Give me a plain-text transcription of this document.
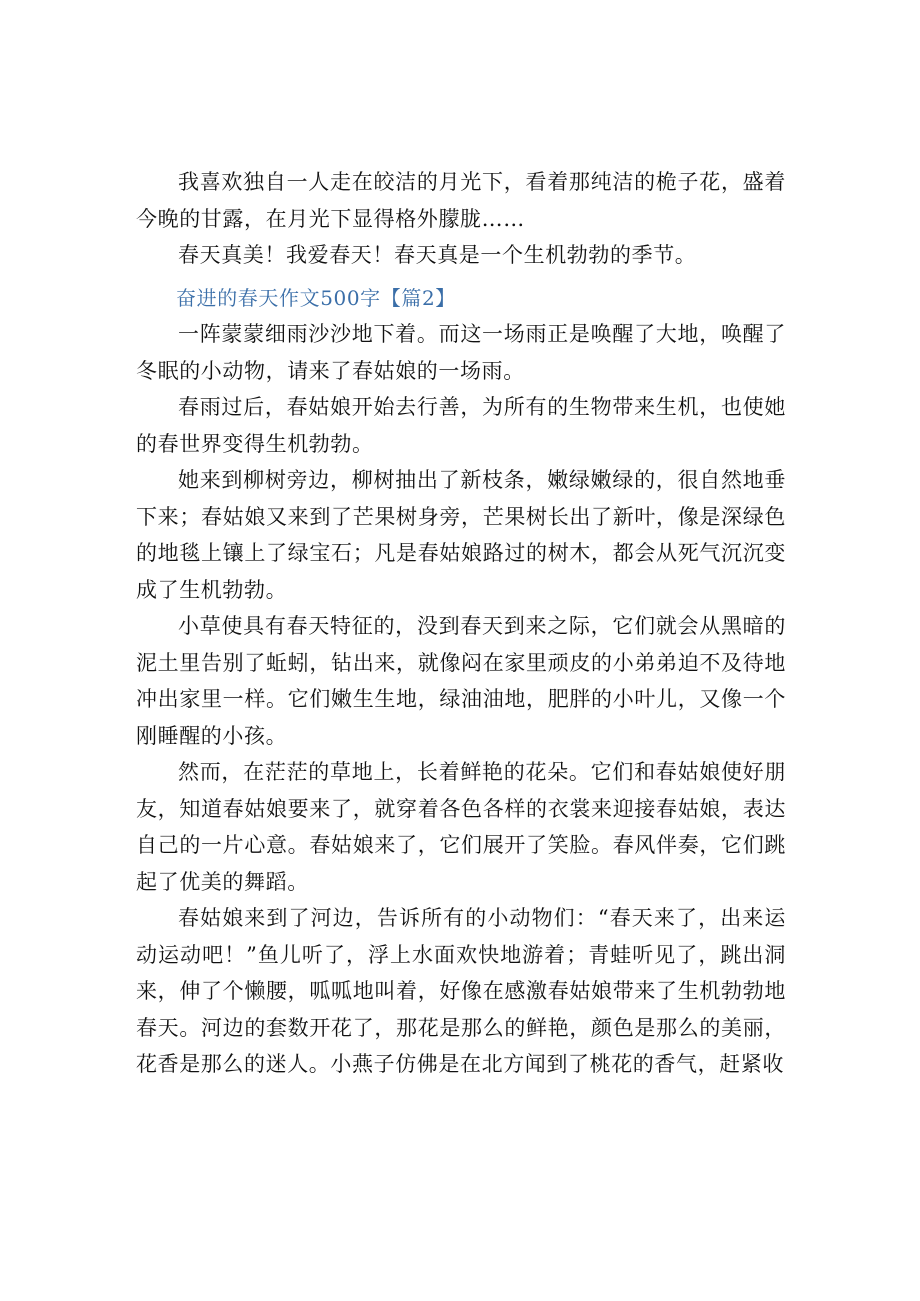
我喜欢独自一人走在皎洁的月光下，看着那纯洁的桅子花，盛着今晚的甘露，在月光下显得格外朦胧……

春天真美！我爱春天！春天真是一个生机勃勃的季节。

奋进的春天作文500字【篇2】

一阵蒙蒙细雨沙沙地下着。而这一场雨正是唤醒了大地，唤醒了冬眠的小动物，请来了春姑娘的一场雨。

春雨过后，春姑娘开始去行善，为所有的生物带来生机，也使她的春世界变得生机勃勃。

她来到柳树旁边，柳树抽出了新枝条，嫩绿嫩绿的，很自然地垂下来；春姑娘又来到了芒果树身旁，芒果树长出了新叶，像是深绿色的地毯上镶上了绿宝石；凡是春姑娘路过的树木，都会从死气沉沉变成了生机勃勃。

小草使具有春天特征的，没到春天到来之际，它们就会从黑暗的泥土里告别了蚯蚓，钻出来，就像闷在家里顽皮的小弟弟迫不及待地冲出家里一样。它们嫩生生地，绿油油地，肥胖的小叶儿，又像一个刚睡醒的小孩。

然而，在茫茫的草地上，长着鲜艳的花朵。它们和春姑娘使好朋友，知道春姑娘要来了，就穿着各色各样的衣裳来迎接春姑娘，表达自己的一片心意。春姑娘来了，它们展开了笑脸。春风伴奏，它们跳起了优美的舞蹈。

春姑娘来到了河边，告诉所有的小动物们：“春天来了，出来运动运动吧！”鱼儿听了，浮上水面欢快地游着；青蛙听见了，跳出洞来，伸了个懒腰，呱呱地叫着，好像在感激春姑娘带来了生机勃勃地春天。河边的套数开花了，那花是那么的鲜艳，颜色是那么的美丽，花香是那么的迷人。小燕子仿佛是在北方闻到了桃花的香气，赶紧收
